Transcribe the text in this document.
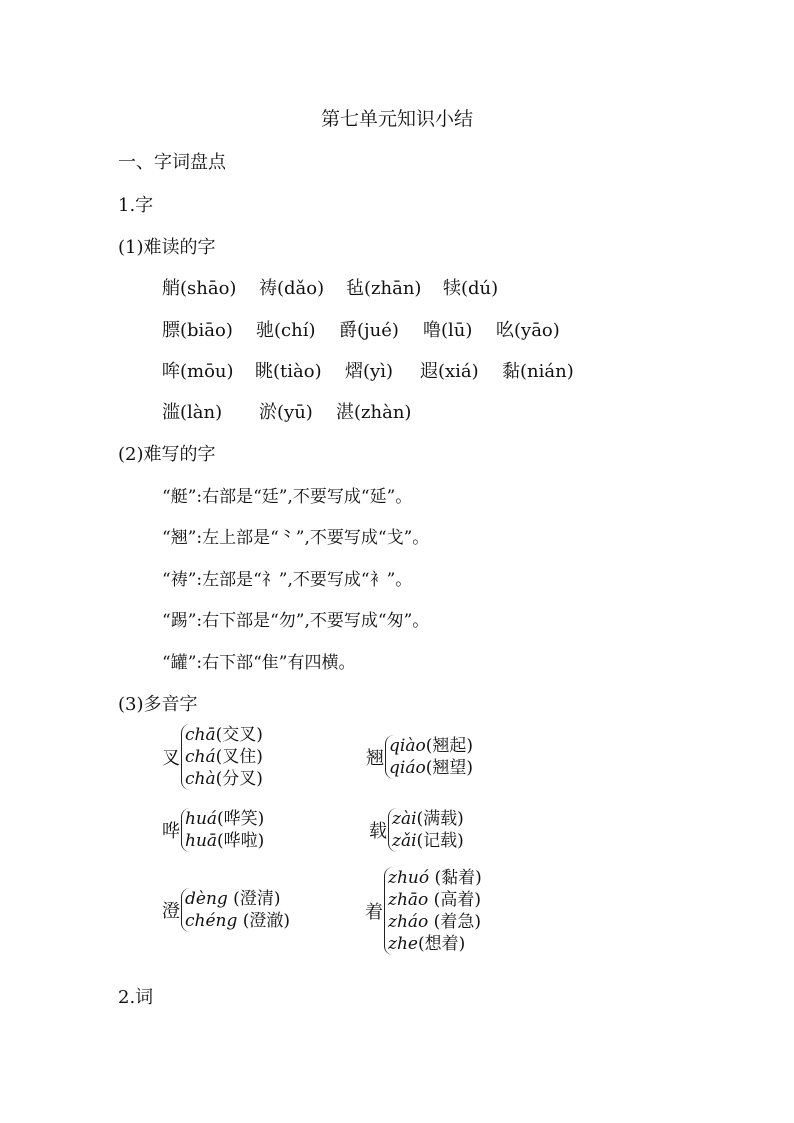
第七单元知识小结
一、字词盘点
1.字
(1)难读的字
艄(shāo) 祷(dǎo) 毡(zhān) 犊(dú)
膘(biāo) 驰(chí) 爵(jué) 噜(lū) 吆(yāo)
哞(mōu) 眺(tiào) 熠(yì) 遐(xiá) 黏(nián)
滥(làn) 淤(yū) 湛(zhàn)
(2)难写的字
“艇”:右部是“廷”,不要写成“延”。
“翘”:左上部是“⺀”,不要写成“戈”。
“祷”:左部是“礻”,不要写成“衤”。
“踢”:右下部是“勿”,不要写成“匆”。
“罐”:右下部“隹”有四横。
(3)多音字
叉
chā(交叉)
chá(叉住)
chà(分叉)
翘
qiào(翘起)
qiáo(翘望)
哗
huá(哗笑)
huā(哗啦)	载
zài(满载)
zǎi(记载)
澄
dèng (澄清)
chéng (澄澈)	着
zhuó (黏着)
zhāo (高着)
zháo (着急)
zhe(想着)
2.词
